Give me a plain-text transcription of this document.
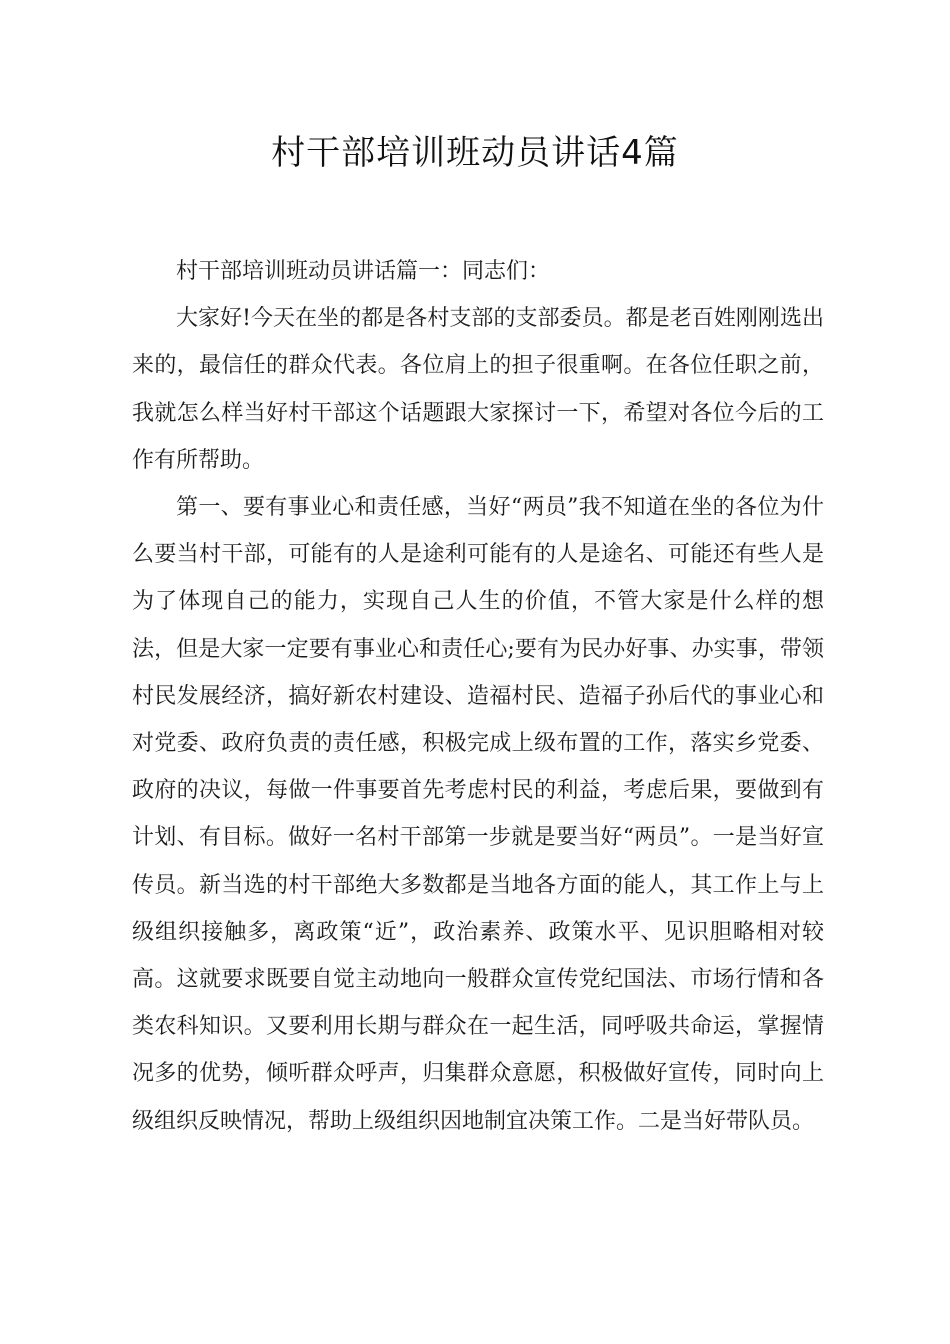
村干部培训班动员讲话4篇

村干部培训班动员讲话篇一：同志们：

大家好!今天在坐的都是各村支部的支部委员。都是老百姓刚刚选出来的，最信任的群众代表。各位肩上的担子很重啊。在各位任职之前，我就怎么样当好村干部这个话题跟大家探讨一下，希望对各位今后的工作有所帮助。

第一、要有事业心和责任感，当好“两员”我不知道在坐的各位为什么要当村干部，可能有的人是途利可能有的人是途名、可能还有些人是为了体现自己的能力，实现自己人生的价值，不管大家是什么样的想法，但是大家一定要有事业心和责任心;要有为民办好事、办实事，带领村民发展经济，搞好新农村建设、造福村民、造福子孙后代的事业心和对党委、政府负责的责任感，积极完成上级布置的工作，落实乡党委、政府的决议，每做一件事要首先考虑村民的利益，考虑后果，要做到有计划、有目标。做好一名村干部第一步就是要当好“两员”。一是当好宣传员。新当选的村干部绝大多数都是当地各方面的能人，其工作上与上级组织接触多，离政策“近”，政治素养、政策水平、见识胆略相对较高。这就要求既要自觉主动地向一般群众宣传党纪国法、市场行情和各类农科知识。又要利用长期与群众在一起生活，同呼吸共命运，掌握情况多的优势，倾听群众呼声，归集群众意愿，积极做好宣传，同时向上级组织反映情况，帮助上级组织因地制宜决策工作。二是当好带队员。
